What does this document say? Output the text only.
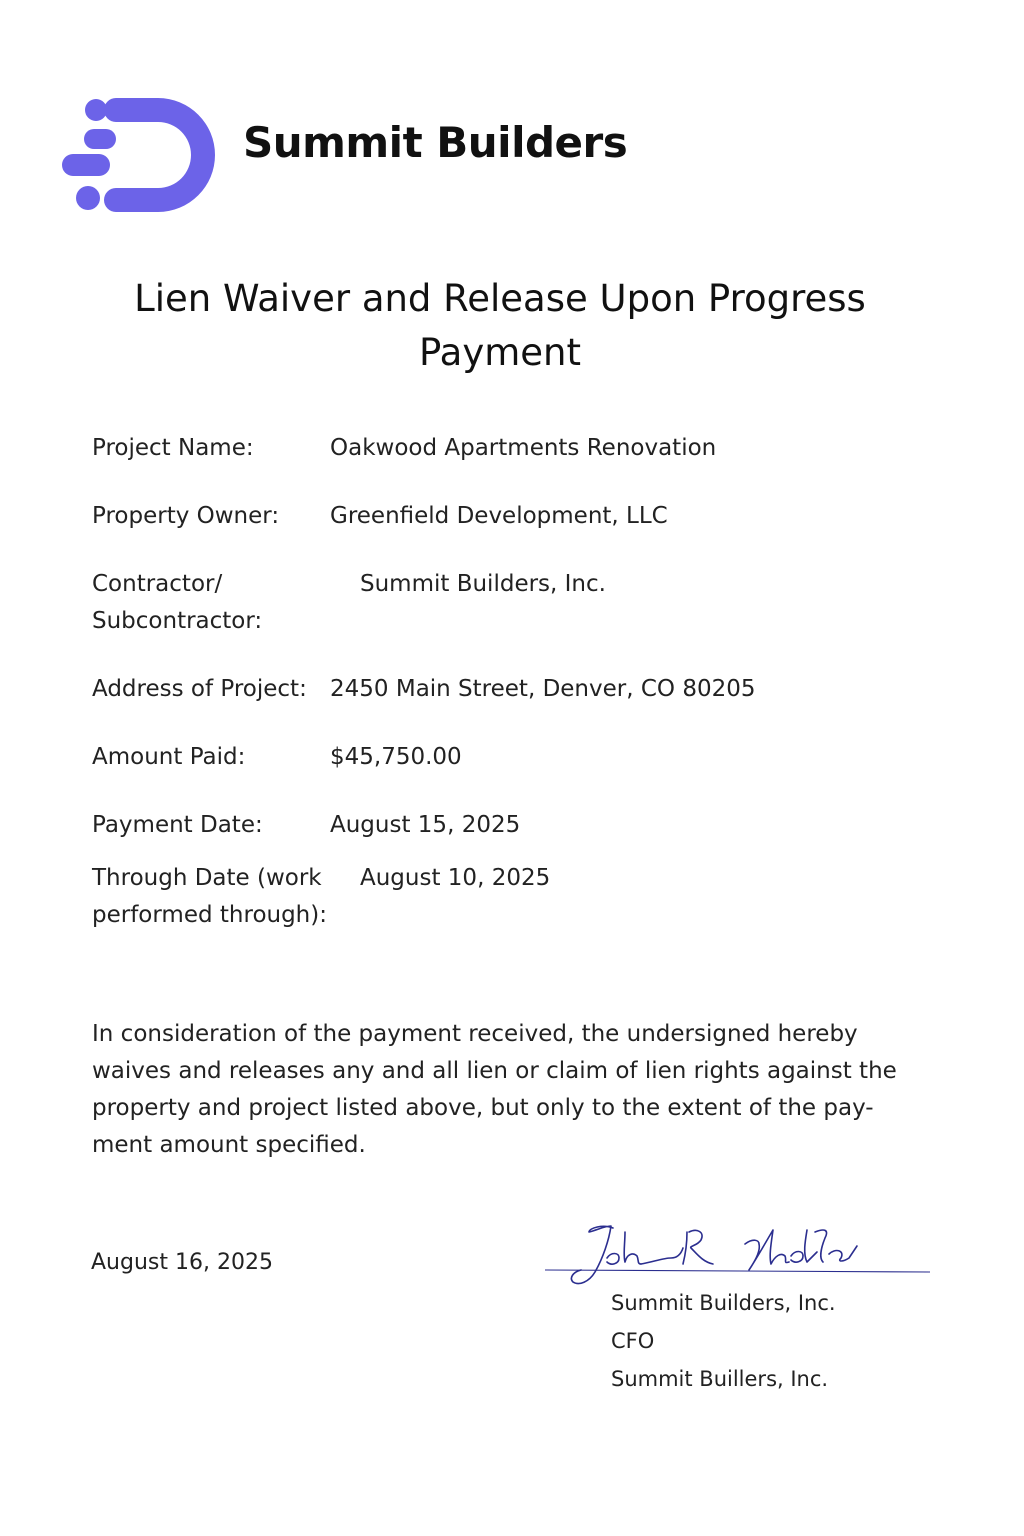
Summit Builders
Lien Waiver and Release Upon Progress Payment
Project Name:	Oakwood Apartments Renovation
Property Owner:	Greenfield Development, LLC
Contractor/ Subcontractor:
Summit Builders, Inc.
Address of Project:	2450 Main Street, Denver, CO 80205
Amount Paid:	$45,750.00
Payment Date:	August 15, 2025
Through Date (work performed through):
August 10, 2025
In consideration of the payment received, the undersigned hereby waives and releases any and all lien or claim of lien rights against the property and project listed above, but only to the extent of the pay-ment amount specified.
August 16, 2025
Summit Builders, Inc.
CFO
Summit Buillers, Inc.
